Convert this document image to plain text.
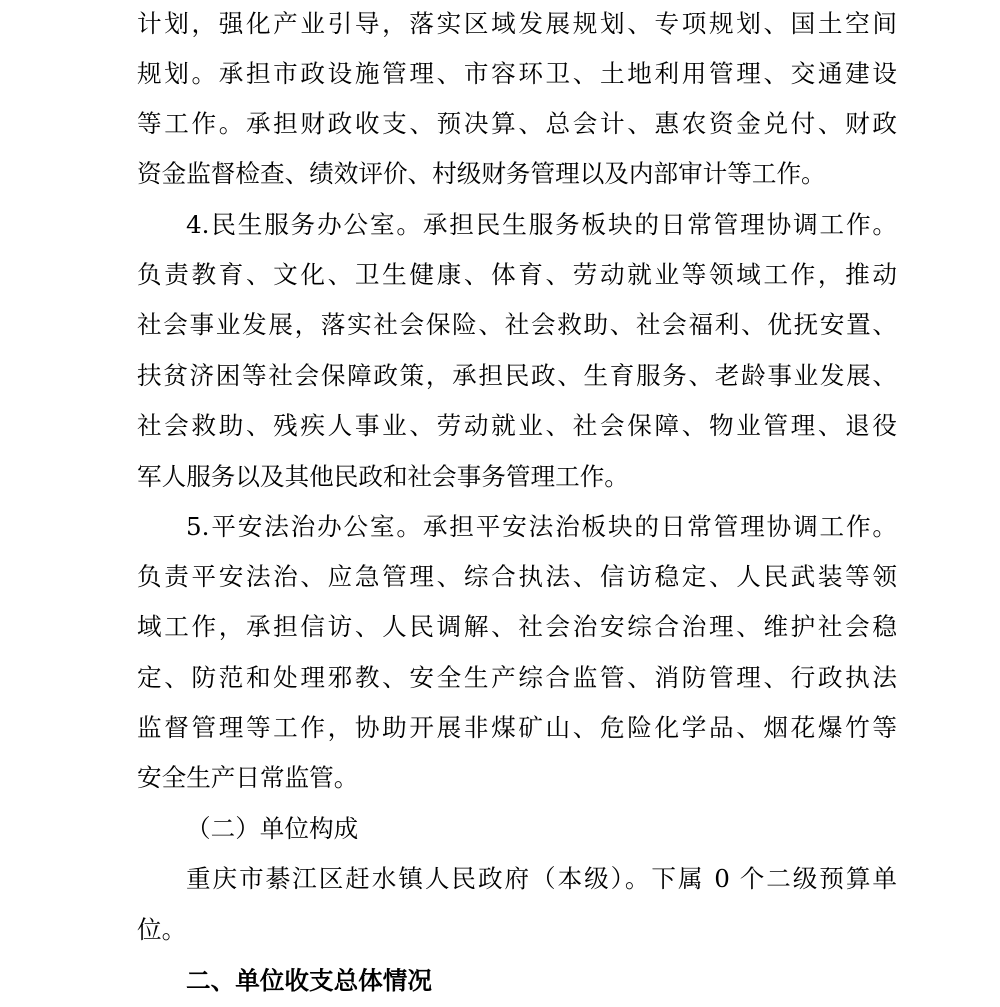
计划，强化产业引导，落实区域发展规划、专项规划、国土空间

规划。承担市政设施管理、市容环卫、土地利用管理、交通建设

等工作。承担财政收支、预决算、总会计、惠农资金兑付、财政

资金监督检查、绩效评价、村级财务管理以及内部审计等工作。

4.民生服务办公室。承担民生服务板块的日常管理协调工作。

负责教育、文化、卫生健康、体育、劳动就业等领域工作，推动

社会事业发展，落实社会保险、社会救助、社会福利、优抚安置、

扶贫济困等社会保障政策，承担民政、生育服务、老龄事业发展、

社会救助、残疾人事业、劳动就业、社会保障、物业管理、退役

军人服务以及其他民政和社会事务管理工作。

5.平安法治办公室。承担平安法治板块的日常管理协调工作。

负责平安法治、应急管理、综合执法、信访稳定、人民武装等领

域工作，承担信访、人民调解、社会治安综合治理、维护社会稳

定、防范和处理邪教、安全生产综合监管、消防管理、行政执法

监督管理等工作，协助开展非煤矿山、危险化学品、烟花爆竹等

安全生产日常监管。

（二）单位构成

重庆市綦江区赶水镇人民政府（本级）。下属 0 个二级预算单

位。

二、单位收支总体情况
